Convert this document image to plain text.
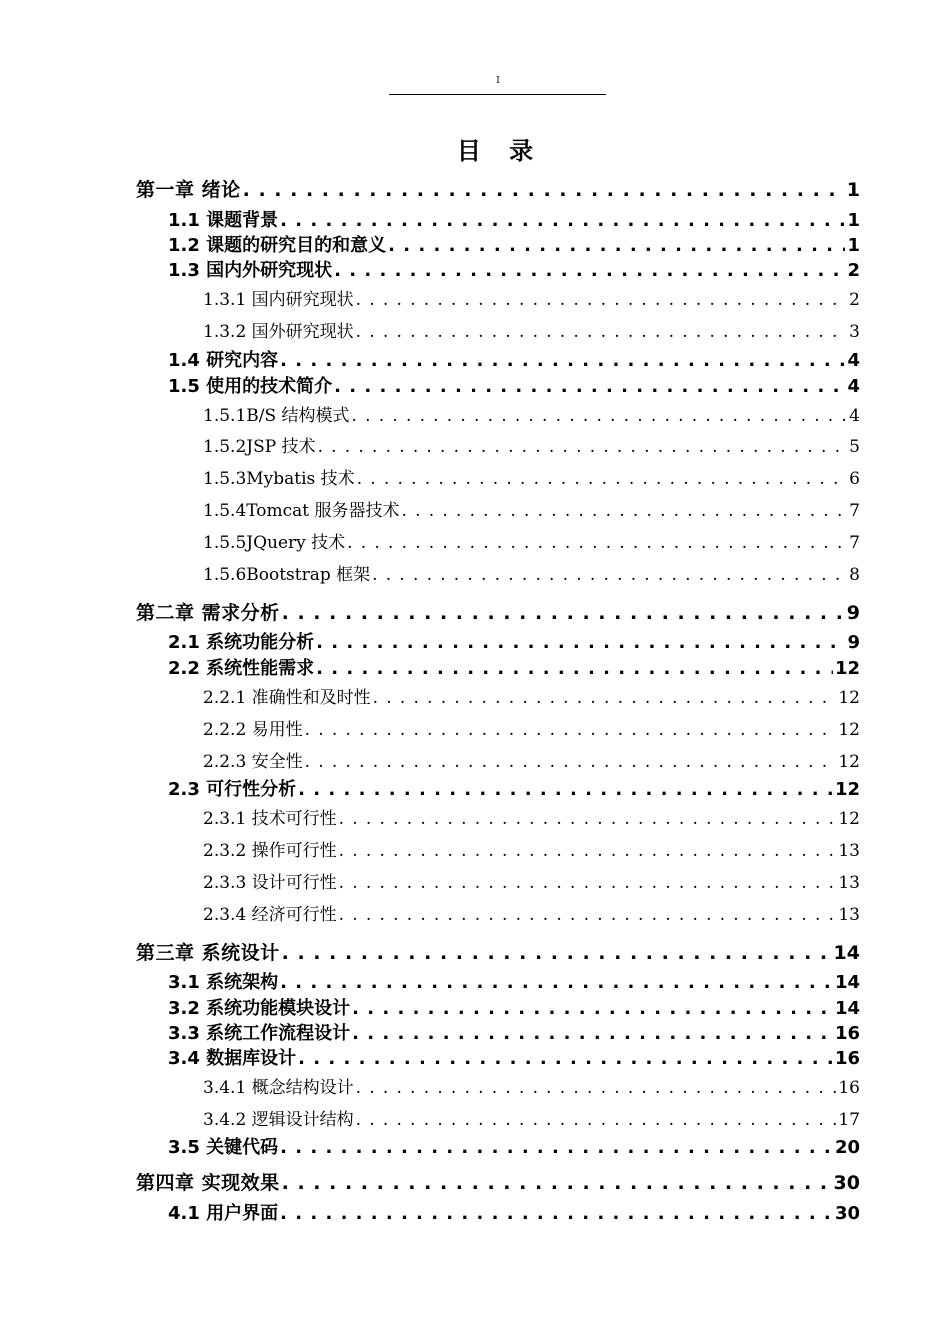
I
目 录
第一章 绪论 . . .	1
1.1 课题背景 . . .	1
1.2 课题的研究目的和意义 . . .	1
1.3 国内外研究现状 . . .	2
1.3.1 国内研究现状 . . .	2
1.3.2 国外研究现状 . . .	3
1.4 研究内容 . . .	4
1.5 使用的技术简介 . . .	4
1.5.1B/S 结构模式 . . .	4
1.5.2JSP 技术 . . .	5
1.5.3Mybatis 技术 . . .	6
1.5.4Tomcat 服务器技术 . . .	7
1.5.5JQuery 技术 . . .	7
1.5.6Bootstrap 框架 . . .	8
第二章 需求分析 . . .	9
2.1 系统功能分析 . . .	9
2.2 系统性能需求 . . .	12
2.2.1 准确性和及时性 . . .	12
2.2.2 易用性 . . .	12
2.2.3 安全性 . . .	12
2.3 可行性分析 . . .	12
2.3.1 技术可行性 . . .	12
2.3.2 操作可行性 . . .	13
2.3.3 设计可行性 . . .	13
2.3.4 经济可行性 . . .	13
第三章 系统设计 . . .	14
3.1 系统架构 . . .	14
3.2 系统功能模块设计 . . .	14
3.3 系统工作流程设计 . . .	16
3.4 数据库设计 . . .	16
3.4.1 概念结构设计 . . .	16
3.4.2 逻辑设计结构 . . .	17
3.5 关键代码 . . .	20
第四章 实现效果 . . .	30
4.1 用户界面 . . .	30
